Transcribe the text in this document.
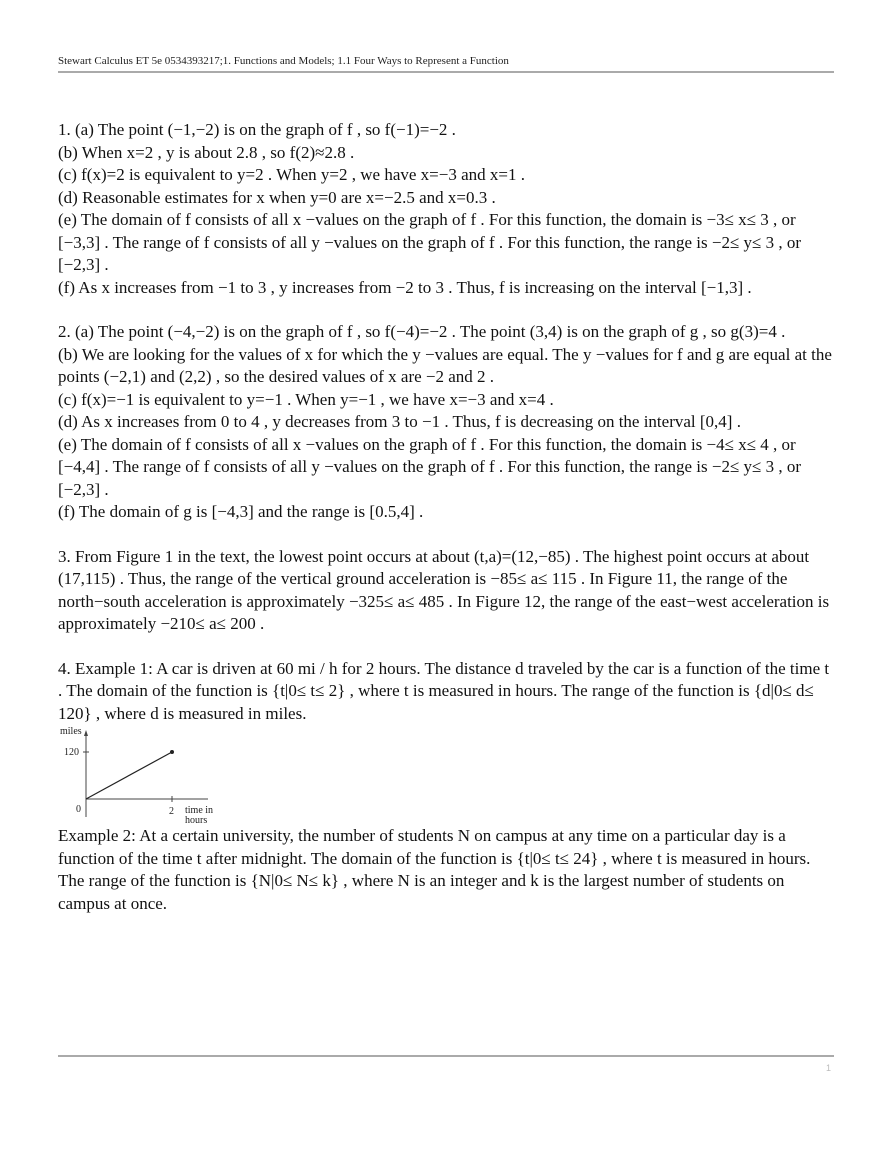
Stewart Calculus ET 5e 0534393217;1. Functions and Models; 1.1 Four Ways to Represent a Function

1. (a) The point (−1,−2) is on the graph of f , so f(−1)=−2 .

(b) When x=2 , y is about 2.8 , so f(2)≈2.8 .

(c) f(x)=2 is equivalent to y=2 . When y=2 , we have x=−3 and x=1 .

(d) Reasonable estimates for x when y=0 are x=−2.5 and x=0.3 .

(e) The domain of f consists of all x −values on the graph of f . For this function, the domain is −3≤ x≤ 3 , or [−3,3] . The range of f consists of all y −values on the graph of f . For this function, the range is −2≤ y≤ 3 , or [−2,3] .

(f) As x increases from −1 to 3 , y increases from −2 to 3 . Thus, f is increasing on the interval [−1,3] .

2. (a) The point (−4,−2) is on the graph of f , so f(−4)=−2 . The point (3,4) is on the graph of g , so g(3)=4 .

(b) We are looking for the values of x for which the y −values are equal. The y −values for f and g are equal at the points (−2,1) and (2,2) , so the desired values of x are −2 and 2 .

(c) f(x)=−1 is equivalent to y=−1 . When y=−1 , we have x=−3 and x=4 .

(d) As x increases from 0 to 4 , y decreases from 3 to −1 . Thus, f is decreasing on the interval [0,4] .

(e) The domain of f consists of all x −values on the graph of f . For this function, the domain is −4≤ x≤ 4 , or [−4,4] . The range of f consists of all y −values on the graph of f . For this function, the range is −2≤ y≤ 3 , or [−2,3] .

(f) The domain of g is [−4,3] and the range is [0.5,4] .

3. From Figure 1 in the text, the lowest point occurs at about (t,a)=(12,−85) . The highest point occurs at about (17,115) . Thus, the range of the vertical ground acceleration is −85≤ a≤ 115 . In Figure 11, the range of the north−south acceleration is approximately −325≤ a≤ 485 . In Figure 12, the range of the east−west acceleration is approximately −210≤ a≤ 200 .

4. Example 1: A car is driven at 60 mi / h for 2 hours. The distance d traveled by the car is a function of the time t . The domain of the function is {t|0≤ t≤ 2} , where t is measured in hours. The range of the function is {d|0≤ d≤ 120} , where d is measured in miles.

miles
120
0	2 time in
hours

Example 2: At a certain university, the number of students N on campus at any time on a particular day is a function of the time t after midnight. The domain of the function is {t|0≤ t≤ 24} , where t is measured in hours. The range of the function is {N|0≤ N≤ k} , where N is an integer and k is the largest number of students on campus at once.

1
